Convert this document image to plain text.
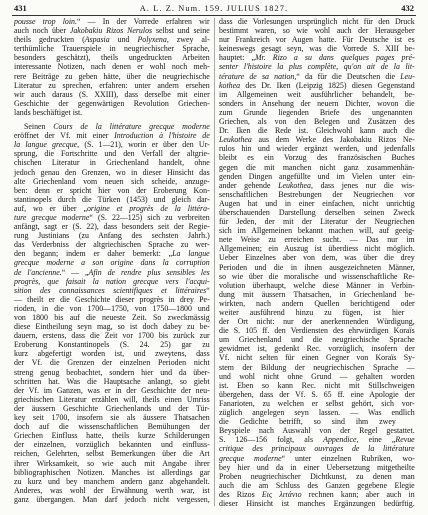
431	A. L. Z. Num. 159. JULIUS 1827.	432
pousse trop loin.“ — In der Vorrede erfahren wir
auch noch über Jakobakiu Rizos Nerulos selbst und seine
theils gedruckten (Aspasia und Polyxena, zwey al-
terthümliche Trauerspiele in neugriechischer Sprache,
besonders geschätzt), theils ungedruckten Arbeiten
interessante Notizen, nach denen er wohl noch meh-
rere Beiträge zu geben hätte, über die neugriechische
Literatur zu sprechen, erfahren: unter andern ersehen
wir auch daraus (S. XXIII), dass derselbe mit einer
Geschichte der gegenwärtigen Revolution Griechen-
lands beschäftiget ist.
Seinen Cours de la littérature grecque moderne
eröffnet der Vf. mit einer Introduction à l'histoire de
la langue grecque, (S. 1—21), worin er über den Ur-
sprung, die Fortschritte und den Verfall der altgrie-
chischen Literatur in Griechenland handelt, ohne
jedoch genau den Grenzen, wo in dieser Hinsicht das
alte Griechenland vom neuen sich scheide, anzuge-
ben: denn er spricht hier von der Eroberung Kon-
stantinopels durch die Türken (1453) und gleich dar-
auf, wo er über „origine et progrès de la littéra-
ture grecque moderne“ (S. 22—125) sich zu verbreiten
anfängt, sagt er (S. 22), dass besonders seit der Regie-
rung Justinians (zu Anfang des sechsten Jahrh.)
das Verderbniss der altgriechischen Sprache zu wer-
den begann; indem er daher bemerkt: „La langue
grecque moderne a son origine dans la corruption
de l'ancienne.“ — „Afin de rendre plus sensibles les
progrès, que faisait la nation grecque vers l'acqui-
sition des connaissances scientifiques et littéraires“
— theilt er die Geschichte dieser progrès in drey Pe-
rioden, in die von 1700—1750, von 1750—1800 und
von 1800 bis auf die neueste Zeit. So zweckmässig
diese Eintheilung seyn mag, so ist doch dabey zu be-
dauern, erstens, dass die Zeit vor 1700 bis zurück zur
Eroberung Konstantinopels (S. 24. 25) gar zu
kurz abgefertigt worden ist, und zweytens, dass
der Vf. die Grenzen der einzelnen Perioden nicht
streng genug beobachtet, sondern hier und da über-
schritten hat. Was die Hauptsache anlangt, so giebt
der Vf. im Ganzen, was er in der Geschichte der neu-
griechischen Literatur erzählen will, theils einen Umriss
der äussern Geschichte Griechenlands und der Tür-
key seit 1700, insofern sie als äussere Thatsachen
doch auf die wissenschaftlichen Bemühungen der
Griechen Einfluss hatte, theils kurze Schilderungen
der einzelnen, vorzüglich bekannten und einfluss-
reichen, Gelehrten, selbst Bemerkungen über die Art
ihrer Wirksamkeit, so wie auch mit Angabe ihrer
bibliographischen Notizen. Manches ist allerdings gar
zu kurz und bey manchem andern ganz abgehandelt.
Anderes, was wohl der Erwähnung werth war, ist
ganz übergangen. Man darf jedoch nicht vergessen,
dass die Vorlesungen ursprünglich nicht für den Druck
bestimmt waren, so wie wohl auch der Herausgeber
nur Frankreich vor Augen hatte. Für Deutsche ist es
keineswegs gesagt seyn, was die Vorrede S. XIII be-
hauptet: „Mr. Rizo a su dans quelques pages pré-
senter l'histoire la plus complète, qu'on ait de la lit-
térature de sa nation,“ da für die Deutschen die Leu-
kothea des Dr. Iken (Leipzig 1825) diesen Gegenstand
im Allgemeinen weit ausführlicher behandelt, be-
sonders in Ansehung der neuern Dichter, wovon die
zum Grunde liegenden Briefe des ungenannten
Griechen, als von den Belegen und Zusätzen des
Dr. Iken die Rede ist. Gleichwohl kann auch die
Leukothea aus dem Werke des Jakobakiu Rizos Ne-
rulos hin und wieder ergänzt werden, und jedenfalls
bleibt es ein Vorzug des französischen Buches
gegen die mit manchen nicht ganz zusammenhän-
genden Dingen angefüllte und im Vielen unter ein-
ander gehende Leukothea, dass jenes nur die wis-
senschaftlichen Bestrebungen der Neugriechen vor
Augen hat und in einer einfachen, nicht unrichtig
überschauenden Darstellung derselben seinen Zweck
für Jeden, der mit der Literatur der Neugriechen
sich im Allgemeinen bekannt machen will, auf geeig-
nete Weise zu erreichen sucht. — Das nur im
Allgemeinen; ein Auszug ist überdiess nicht möglich.
Ueber Einzelnes aber von dem, was über die drey
Perioden und die in ihnen ausgezeichneten Männer,
so wie über die moralische und wissenschaftliche Re-
volution überhaupt, welche diese Männer in Verbin-
dung mit äussern Thatsachen, in Griechenland be-
wirkten, nach andern Quellen berichtigend oder
weiter ausführend hinzu zu fügen, ist hier
der Ort nicht: nur der anerkennenden Würdigung,
die S. 105 ff. den Verdiensten des ehrwürdigen Koraïs
um Griechenland und die neugriechische Sprache
gewidmet ist, gedenkt Rec. vorzüglich, insofern der
Vf. nicht selten für einen Gegner von Koraïs Sy-
stem der Bildung der neugriechischen Sprache —
und wohl nicht ohne Grund — gehalten worden
ist. Eben so kann Rec. nicht mit Stillschweigen
übergehen, dass der Vf. S. 65 ff. eine Apologie der
Fanarioten, zu welchen er selbst gehört, sich vor-
züglich angelegen seyn lassen. — Was endlich
die Gedichte betrifft, so sind ihm zwey
Beyspiele nach Auswahl von der Regel gestattet.
S. 126—156 folgt, als Appendice, eine „Revue
critique des principaux ouvrages de la littérature
grecque moderne“ unter einzelnen Rubriken, wo-
bey hier und da in einer Uebersetzung mitgetheilte
Proben neugriechischer Dichtkunst, zu denen man
auch die am Schluss des Ganzen gegebene Elegie
des Rizos Εις λιτάνιο rechnen kann; aber auch in
dieser Hinsicht ist manches Ergänzungen bedürftig.
